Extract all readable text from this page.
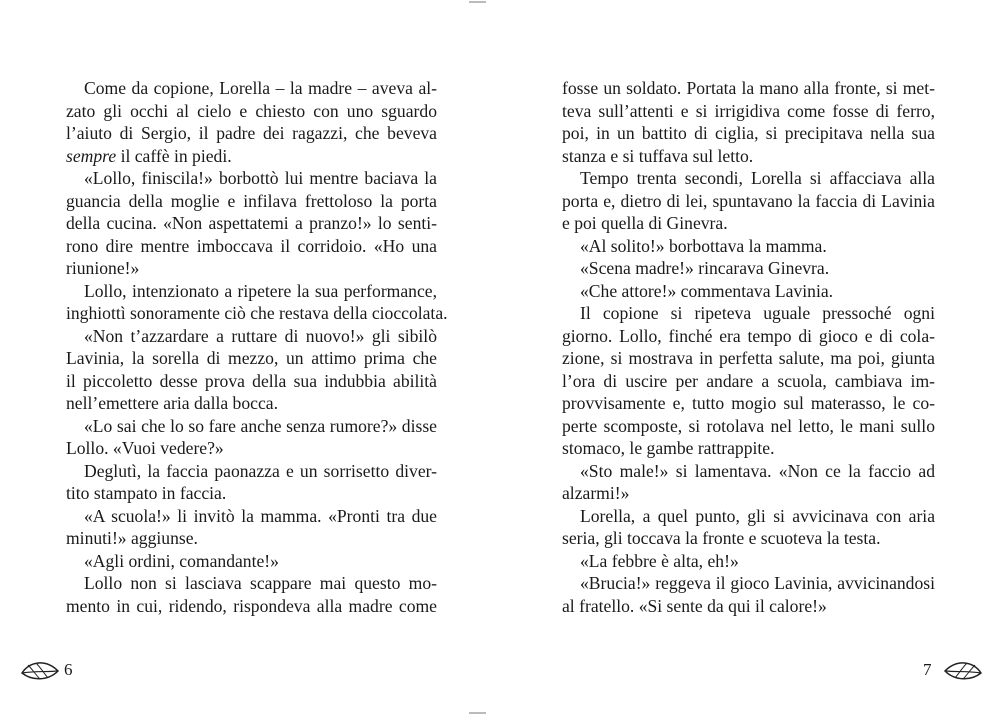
Come da copione, Lorella – la madre – aveva al-
zato gli occhi al cielo e chiesto con uno sguardo
l’aiuto di Sergio, il padre dei ragazzi, che beveva
sempre il caffè in piedi.
«Lollo, finiscila!» borbottò lui mentre baciava la
guancia della moglie e infilava frettoloso la porta
della cucina. «Non aspettatemi a pranzo!» lo senti-
rono dire mentre imboccava il corridoio. «Ho una
riunione!»
Lollo, intenzionato a ripetere la sua performance,
inghiottì sonoramente ciò che restava della cioccolata.
«Non t’azzardare a ruttare di nuovo!» gli sibilò
Lavinia, la sorella di mezzo, un attimo prima che
il piccoletto desse prova della sua indubbia abilità
nell’emettere aria dalla bocca.
«Lo sai che lo so fare anche senza rumore?» disse
Lollo. «Vuoi vedere?»
Deglutì, la faccia paonazza e un sorrisetto diver-
tito stampato in faccia.
«A scuola!» li invitò la mamma. «Pronti tra due
minuti!» aggiunse.
«Agli ordini, comandante!»
Lollo non si lasciava scappare mai questo mo-
mento in cui, ridendo, rispondeva alla madre come
fosse un soldato. Portata la mano alla fronte, si met-
teva sull’attenti e si irrigidiva come fosse di ferro,
poi, in un battito di ciglia, si precipitava nella sua
stanza e si tuffava sul letto.
Tempo trenta secondi, Lorella si affacciava alla
porta e, dietro di lei, spuntavano la faccia di Lavinia
e poi quella di Ginevra.
«Al solito!» borbottava la mamma.
«Scena madre!» rincarava Ginevra.
«Che attore!» commentava Lavinia.
Il copione si ripeteva uguale pressoché ogni
giorno. Lollo, finché era tempo di gioco e di cola-
zione, si mostrava in perfetta salute, ma poi, giunta
l’ora di uscire per andare a scuola, cambiava im-
provvisamente e, tutto mogio sul materasso, le co-
perte scomposte, si rotolava nel letto, le mani sullo
stomaco, le gambe rattrappite.
«Sto male!» si lamentava. «Non ce la faccio ad
alzarmi!»
Lorella, a quel punto, gli si avvicinava con aria
seria, gli toccava la fronte e scuoteva la testa.
«La febbre è alta, eh!»
«Brucia!» reggeva il gioco Lavinia, avvicinandosi
al fratello. «Si sente da qui il calore!»
6	7
